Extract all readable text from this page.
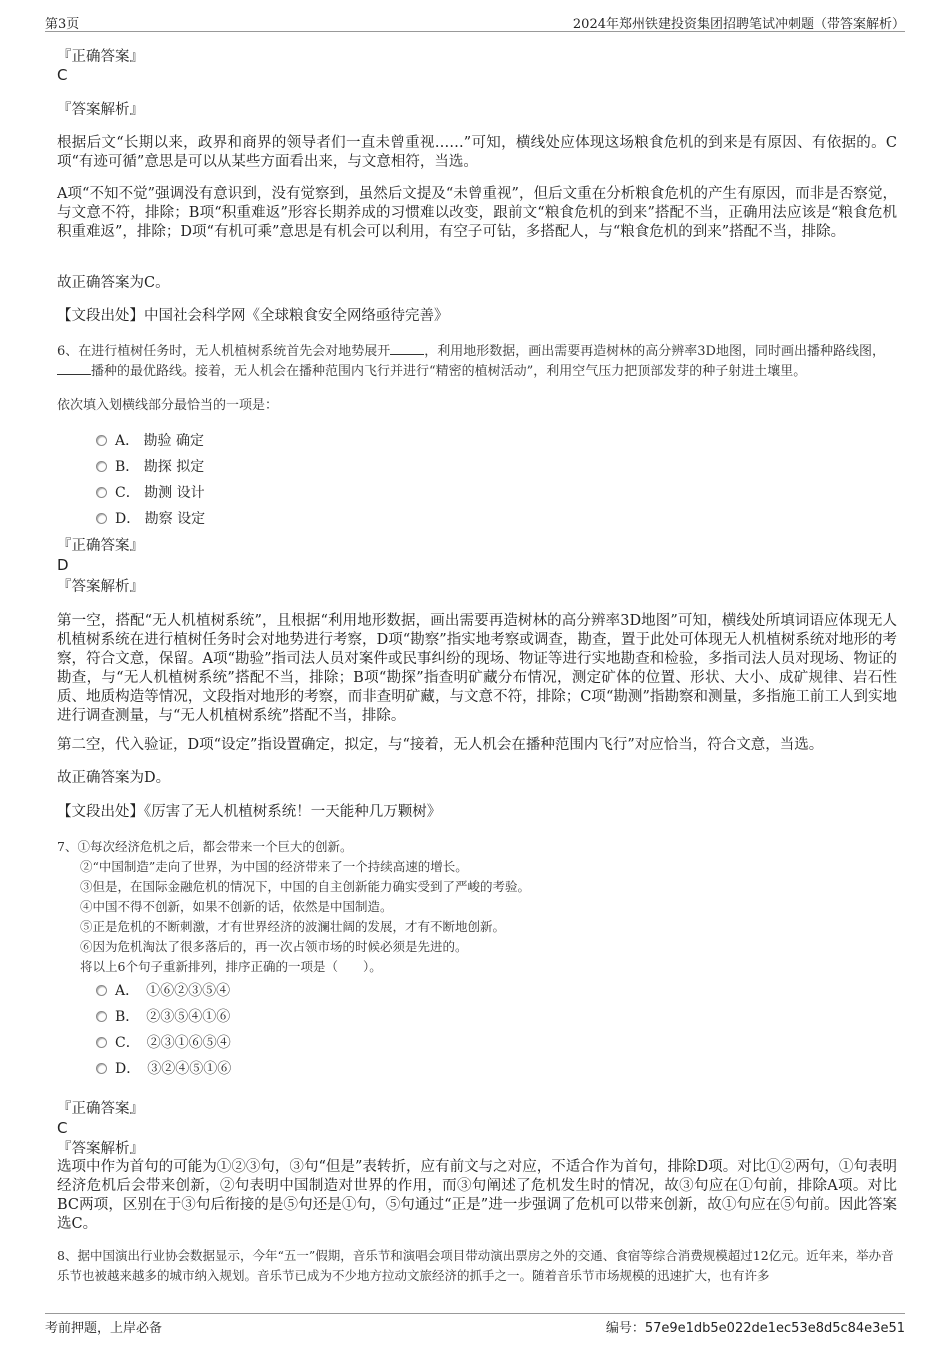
第3页	2024年郑州铁建投资集团招聘笔试冲刺题（带答案解析）
『正确答案』
C
『答案解析』
根据后文“长期以来，政界和商界的领导者们一直未曾重视……”可知，横线处应体现这场粮食危机的到来是有原因、有依据的。C项“有迹可循”意思是可以从某些方面看出来，与文意相符，当选。
A项“不知不觉”强调没有意识到，没有觉察到，虽然后文提及“未曾重视”，但后文重在分析粮食危机的产生有原因，而非是否察觉，与文意不符，排除；B项“积重难返”形容长期养成的习惯难以改变，跟前文“粮食危机的到来”搭配不当，正确用法应该是“粮食危机积重难返”，排除；D项“有机可乘”意思是有机会可以利用，有空子可钻，多搭配人，与“粮食危机的到来”搭配不当，排除。
故正确答案为C。
【文段出处】中国社会科学网《全球粮食安全网络亟待完善》
6、在进行植树任务时，无人机植树系统首先会对地势展开	，利用地形数据，画出需要再造树林的高分辨率3D地图，同时画出播种路线图，播种的最优路线。接着，无人机会在播种范围内飞行并进行“精密的植树活动”，利用空气压力把顶部发芽的种子射进土壤里。
依次填入划横线部分最恰当的一项是：
A． 勘验 确定
B． 勘探 拟定
C． 勘测 设计
D． 勘察 设定
『正确答案』
D
『答案解析』
第一空，搭配“无人机植树系统”，且根据“利用地形数据，画出需要再造树林的高分辨率3D地图”可知，横线处所填词语应体现无人机植树系统在进行植树任务时会对地势进行考察，D项“勘察”指实地考察或调查，勘查，置于此处可体现无人机植树系统对地形的考察，符合文意，保留。A项“勘验”指司法人员对案件或民事纠纷的现场、物证等进行实地勘查和检验，多指司法人员对现场、物证的勘查，与“无人机植树系统”搭配不当，排除；B项“勘探”指查明矿藏分布情况，测定矿体的位置、形状、大小、成矿规律、岩石性质、地质构造等情况，文段指对地形的考察，而非查明矿藏，与文意不符，排除；C项“勘测”指勘察和测量，多指施工前工人到实地进行调查测量，与“无人机植树系统”搭配不当，排除。
第二空，代入验证，D项“设定”指设置确定，拟定，与“接着，无人机会在播种范围内飞行”对应恰当，符合文意，当选。
故正确答案为D。
【文段出处】《厉害了无人机植树系统！一天能种几万颗树》
7、①每次经济危机之后，都会带来一个巨大的创新。
②“中国制造”走向了世界，为中国的经济带来了一个持续高速的增长。
③但是，在国际金融危机的情况下，中国的自主创新能力确实受到了严峻的考验。
④中国不得不创新，如果不创新的话，依然是中国制造。
⑤正是危机的不断刺激，才有世界经济的波澜壮阔的发展，才有不断地创新。
⑥因为危机淘汰了很多落后的，再一次占领市场的时候必须是先进的。
将以上6个句子重新排列，排序正确的一项是（　　）。
A．　①⑥②③⑤④
B．　②③⑤④①⑥
C．　②③①⑥⑤④
D．　③②④⑤①⑥
『正确答案』
C
『答案解析』
选项中作为首句的可能为①②③句，③句“但是”表转折，应有前文与之对应，不适合作为首句，排除D项。对比①②两句，①句表明经济危机后会带来创新，②句表明中国制造对世界的作用，而③句阐述了危机发生时的情况，故③句应在①句前，排除A项。对比BC两项，区别在于③句后衔接的是⑤句还是①句，⑤句通过“正是”进一步强调了危机可以带来创新，故①句应在⑤句前。因此答案选C。
8、据中国演出行业协会数据显示，今年“五一”假期，音乐节和演唱会项目带动演出票房之外的交通、食宿等综合消费规模超过12亿元。近年来，举办音乐节也被越来越多的城市纳入规划。音乐节已成为不少地方拉动文旅经济的抓手之一。随着音乐节市场规模的迅速扩大，也有许多
考前押题，上岸必备	编号：57e9e1db5e022de1ec53e8d5c84e3e51
